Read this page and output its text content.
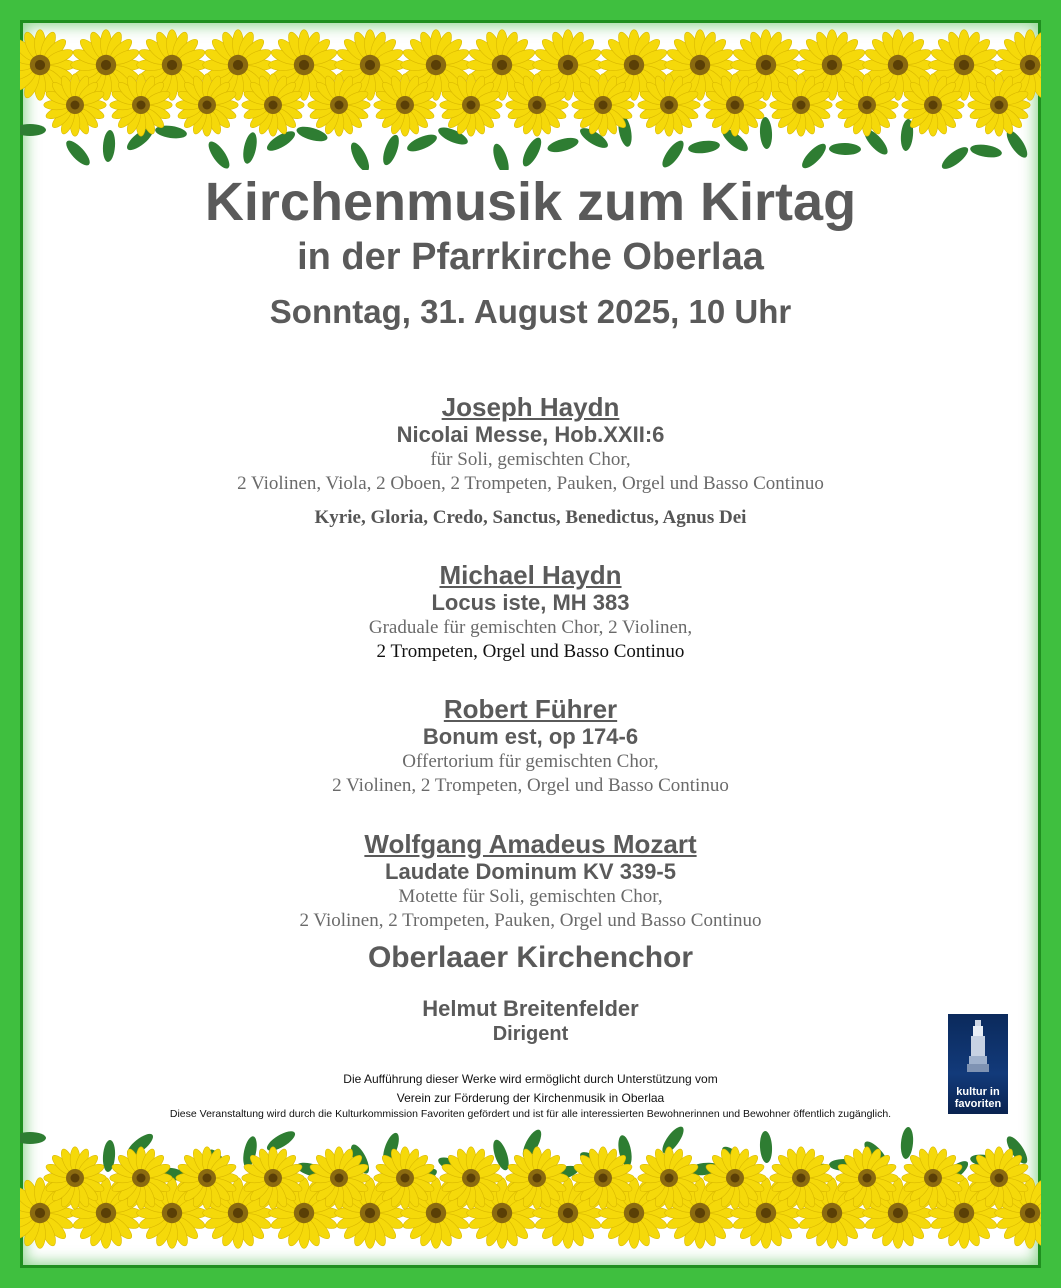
Kirchenmusik zum Kirtag
in der Pfarrkirche Oberlaa
Sonntag, 31. August 2025, 10 Uhr
Joseph Haydn
Nicolai Messe, Hob.XXII:6
für Soli, gemischten Chor,
2 Violinen, Viola, 2 Oboen, 2 Trompeten, Pauken, Orgel und Basso Continuo
Kyrie, Gloria, Credo, Sanctus, Benedictus, Agnus Dei
Michael Haydn
Locus iste, MH 383
Graduale für gemischten Chor, 2 Violinen,
2 Trompeten, Orgel und Basso Continuo
Robert Führer
Bonum est, op 174-6
Offertorium für gemischten Chor,
2 Violinen, 2 Trompeten, Orgel und Basso Continuo
Wolfgang Amadeus Mozart
Laudate Dominum KV 339-5
Motette für Soli, gemischten Chor,
2 Violinen, 2 Trompeten, Pauken, Orgel und Basso Continuo
Oberlaaer Kirchenchor
Helmut Breitenfelder
Dirigent
Die Aufführung dieser Werke wird ermöglicht durch Unterstützung vom
Verein zur Förderung der Kirchenmusik in Oberlaa
Diese Veranstaltung wird durch die Kulturkommission Favoriten gefördert und ist für alle interessierten Bewohnerinnen und Bewohner öffentlich zugänglich.
kultur in
favoriten
